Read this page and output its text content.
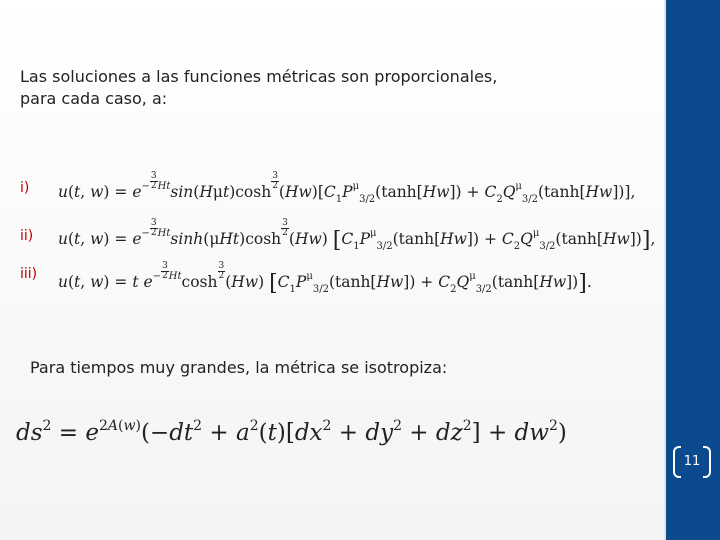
Las soluciones a las funciones métricas son proporcionales,
para cada caso, a:
i) u(t, $w) = e^{- \frac{3}{2} Ht}\sin(H\mu t)\cosh$
$^{\frac{3}{2}}$
$(Hw)[C_1P^\mu_{3/2}(\tanh[Hw]) + C_2Q^\mu_{3/2}(\tanh[Hw])]$,
ii) u(t, $w) = e^{- \frac{3}{2} Ht}\sinh(\mu Ht)\cosh$
$^{\frac{3}{2}}$
(Hw) $[C_1P^\mu_{3/2}(\tanh[Hw]) + C_2Q^\mu_{3/2}(\tanh[Hw])]$,
iii) u(t, w) = t $e^{- \frac{3}{2} Ht}\cosh$
$^{\frac{3}{2}}$
(Hw) $[C_1P^\mu_{3/2}(\tanh[Hw]) + C_2Q^\mu_{3/2}(\tanh[Hw])]$.
Para tiempos muy grandes, la métrica se isotropiza:
$ds^2 = e^{2A(w)}(-dt^2 + a^2(t)[dx^2 + dy^2 + dz^2] + dw^2)$
11
